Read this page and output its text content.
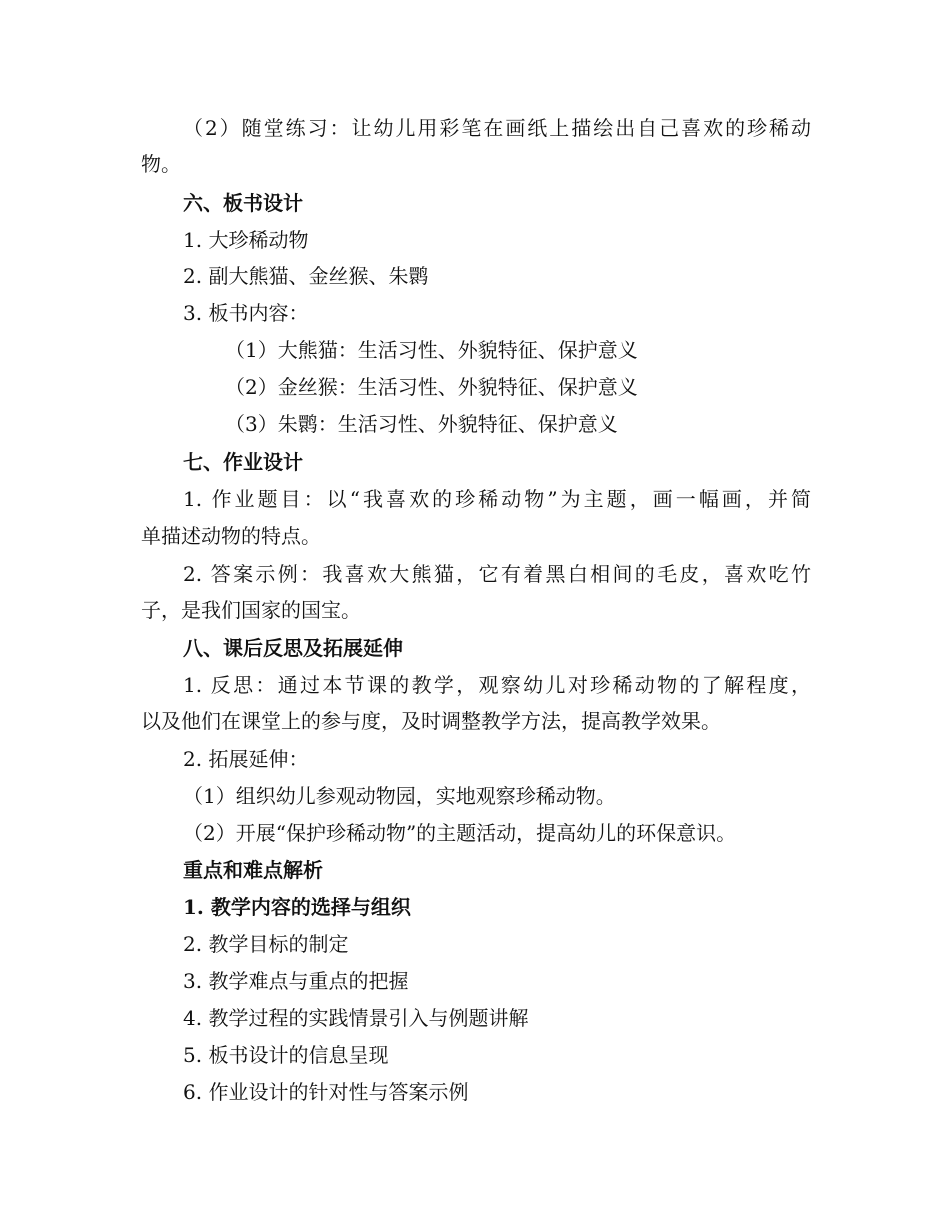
（2）随堂练习：让幼儿用彩笔在画纸上描绘出自己喜欢的珍稀动
物。
六、板书设计
1. 大珍稀动物
2. 副大熊猫、金丝猴、朱鹮
3. 板书内容：
（1）大熊猫：生活习性、外貌特征、保护意义
（2）金丝猴：生活习性、外貌特征、保护意义
（3）朱鹮：生活习性、外貌特征、保护意义
七、作业设计
1. 作业题目：以“我喜欢的珍稀动物”为主题，画一幅画，并简
单描述动物的特点。
2. 答案示例：我喜欢大熊猫，它有着黑白相间的毛皮，喜欢吃竹
子，是我们国家的国宝。
八、课后反思及拓展延伸
1. 反思：通过本节课的教学，观察幼儿对珍稀动物的了解程度，
以及他们在课堂上的参与度，及时调整教学方法，提高教学效果。
2. 拓展延伸：
（1）组织幼儿参观动物园，实地观察珍稀动物。
（2）开展“保护珍稀动物”的主题活动，提高幼儿的环保意识。
重点和难点解析
1. 教学内容的选择与组织
2. 教学目标的制定
3. 教学难点与重点的把握
4. 教学过程的实践情景引入与例题讲解
5. 板书设计的信息呈现
6. 作业设计的针对性与答案示例
